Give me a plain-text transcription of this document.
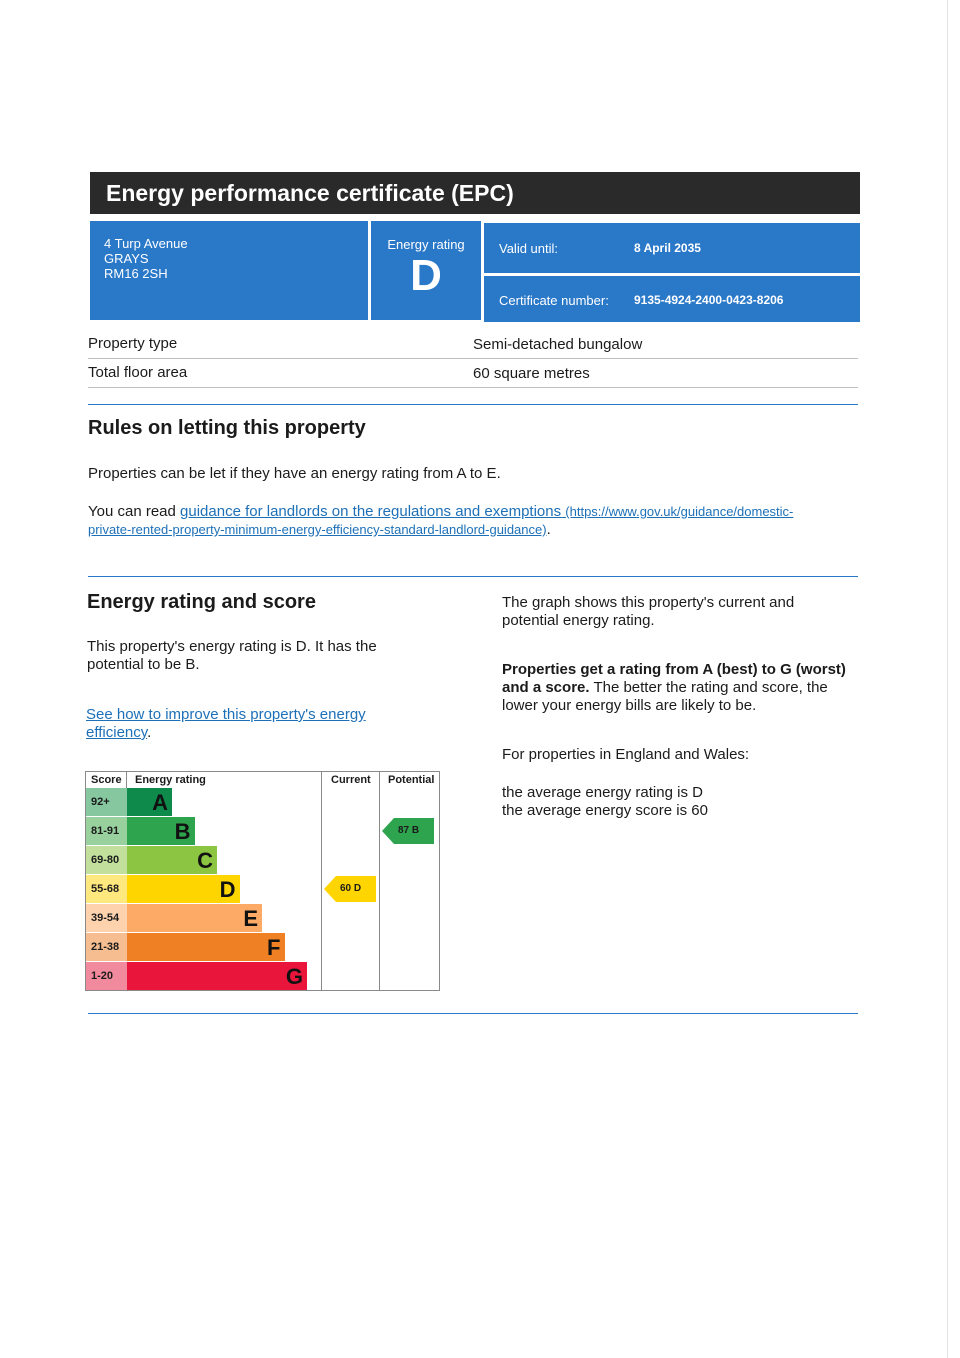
Energy performance certificate (EPC)
4 Turp Avenue
GRAYS
RM16 2SH
Energy rating
D
Valid until:	8 April 2035
Certificate number: 9135-4924-2400-0423-8206
Property type	Semi-detached bungalow
Total floor area	60 square metres
Rules on letting this property
Properties can be let if they have an energy rating from A to E.
You can read guidance for landlords on the regulations and exemptions (https://www.gov.uk/guidance/domestic-
private-rented-property-minimum-energy-efficiency-standard-landlord-guidance).
Energy rating and score
This property's energy rating is D. It has the
potential to be B.
See how to improve this property's energy
efficiency.
The graph shows this property's current and
potential energy rating.
Properties get a rating from A (best) to G (worst)
and a score. The better the rating and score, the
lower your energy bills are likely to be.
For properties in England and Wales:
the average energy rating is D
the average energy score is 60
Score Energy rating	Current Potential
92+	A
81-91	B
69-80	C
55-68	D
39-54	E
21-38	F
1-20	G
60 D
87 B
